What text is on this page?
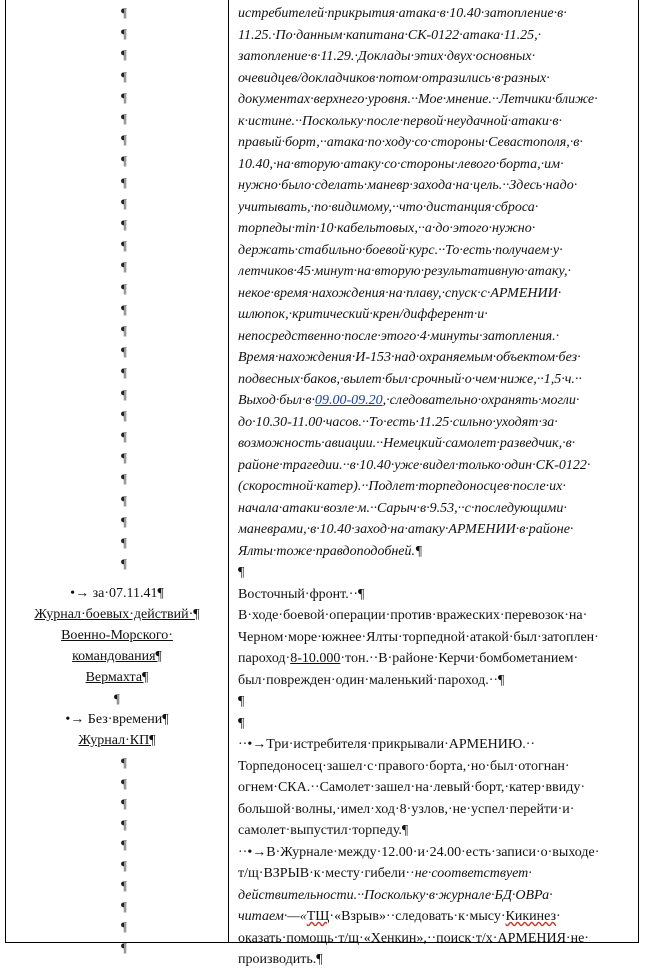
¶
¶
¶
¶
¶
¶
¶
¶
¶
¶
¶
¶
¶
¶
¶
¶
¶
¶
¶
¶
¶
¶
¶
¶
¶
¶
¶
¶
¶
¶
¶
¶
¶
¶
¶
¶
¶
•→ за·07.11.41¶
Журнал·боевых·действий·¶
Военно-Морского·
командования¶
Вермахта¶
¶
•→ Без·времени¶
Журнал·КП¶
истребителей·прикрытия·атака·в·10.40·затопление·в·
11.25.·По·данным·капитана·СК-0122·атака·11.25,·
затопление·в·11.29.·Доклады·этих·двух·основных·
очевидцев/докладчиков·потом·отразились·в·разных·
документах·верхнего·уровня.··Мое·мнение.··Летчики·ближе·
к·истине.··Поскольку·после·первой·неудачной·атаки·в·
правый·борт,··атака·по·ходу·со·стороны·Севастополя,·в·
10.40,·на·вторую·атаку·со·стороны·левого·борта,·им·
нужно·было·сделать·маневр·захода·на·цель.··Здесь·надо·
учитывать,·по·видимому,··что·дистанция·сброса·
торпеды·min·10·кабельтовых,··а·до·этого·нужно·
держать·стабильно·боевой·курс.··То·есть·получаем·у·
летчиков·45·минут·на·вторую·результативную·атаку,·
некое·время·нахождения·на·плаву,·спуск·с·АРМЕНИИ·
шлюпок,·критический·крен/дифферент·и·
непосредственно·после·этого·4·минуты·затопления.·
Время·нахождения·И-153·над·охраняемым·объектом·без·
подвесных·баков,·вылет·был·срочный·о·чем·ниже,··1,5·ч.··
Выход·был·в·09.00-09.20,·следовательно·охранять·могли·
до·10.30-11.00·часов.··То·есть·11.25·сильно·уходят·за·
возможность·авиации.··Немецкий·самолет·разведчик,·в·
районе·трагедии.··в·10.40·уже·видел·только·один·СК-0122·
(скоростной·катер).··Подлет·торпедоносцев·после·их·
начала·атаки·возле·м.··Сарыч·в·9.53,··с·последующими·
маневрами,·в·10.40·заход·на·атаку·АРМЕНИИ·в·районе·
Ялты·тоже·правдоподобней.¶
¶
Восточный·фронт.··¶
В·ходе·боевой·операции·против·вражеских·перевозок·на·
Черном·море·южнее·Ялты·торпедной·атакой·был·затоплен·
пароход·8-10.000·тон.··В·районе·Керчи·бомбометанием·
был·поврежден·один·маленький·пароход.··¶
¶
¶
··•→Три·истребителя·прикрывали·АРМЕНИЮ.··
Торпедоносец·зашел·с·правого·борта,·но·был·отогнан·
огнем·СКА.··Самолет·зашел·на·левый·борт,·катер·ввиду·
большой·волны,·имел·ход·8·узлов,·не·успел·перейти·и·
самолет·выпустил·торпеду.¶
··•→В·Журнале·между·12.00·и·24.00·есть·записи·о·выходе·
т/щ·ВЗРЫВ·к·месту·гибели··не·соответствует·
действительности.··Поскольку·в·журнале·БД·ОВРа·
читаем·—«ТЩ·«Взрыв»··следовать·к·мысу·Кикинез·
оказать·помощь·т/щ·«Хенкин»,··поиск·т/х·АРМЕНИЯ·не·
производить.¶
